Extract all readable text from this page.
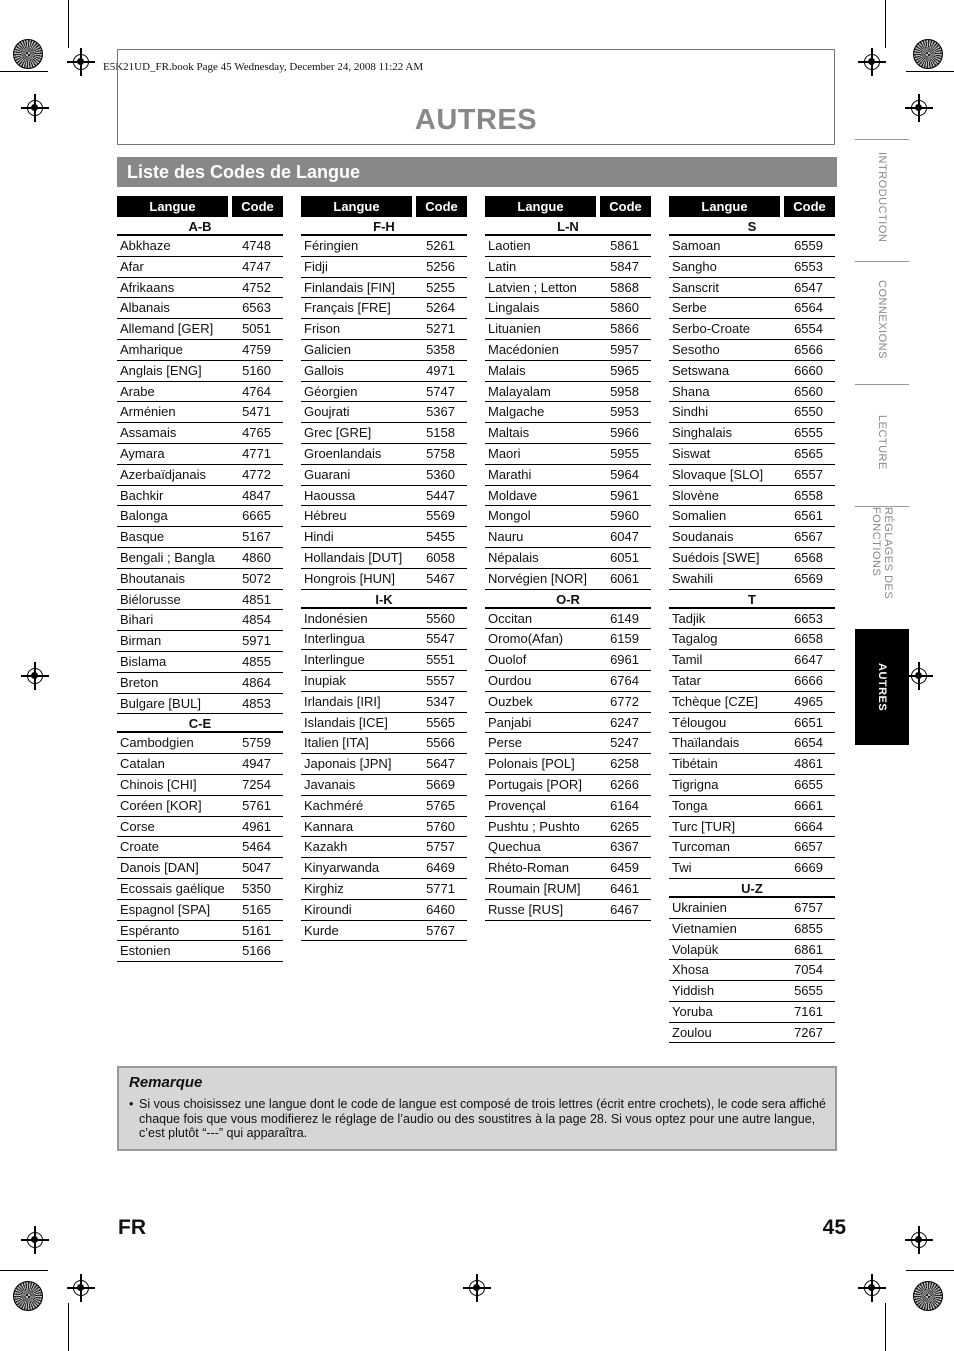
E5K21UD_FR.book Page 45 Wednesday, December 24, 2008 11:22 AM
AUTRES
Liste des Codes de Langue
Langue	Code
A-B
Abkhaze	4748
Afar	4747
Afrikaans	4752
Albanais	6563
Allemand [GER]	5051
Amharique	4759
Anglais [ENG]	5160
Arabe	4764
Arménien	5471
Assamais	4765
Aymara	4771
Azerbaïdjanais	4772
Bachkir	4847
Balonga	6665
Basque	5167
Bengali ; Bangla	4860
Bhoutanais	5072
Biélorusse	4851
Bihari	4854
Birman	5971
Bislama	4855
Breton	4864
Bulgare [BUL]	4853
C-E
Cambodgien	5759
Catalan	4947
Chinois [CHI]	7254
Coréen [KOR]	5761
Corse	4961
Croate	5464
Danois [DAN]	5047
Ecossais gaélique	5350
Espagnol [SPA]	5165
Espéranto	5161
Estonien	5166
Langue	Code
F-H
Féringien	5261
Fidji	5256
Finlandais [FIN]	5255
Français [FRE]	5264
Frison	5271
Galicien	5358
Gallois	4971
Géorgien	5747
Goujrati	5367
Grec [GRE]	5158
Groenlandais	5758
Guarani	5360
Haoussa	5447
Hébreu	5569
Hindi	5455
Hollandais [DUT]	6058
Hongrois [HUN]	5467
I-K
Indonésien	5560
Interlingua	5547
Interlingue	5551
Inupiak	5557
Irlandais [IRI]	5347
Islandais [ICE]	5565
Italien [ITA]	5566
Japonais [JPN]	5647
Javanais	5669
Kachméré	5765
Kannara	5760
Kazakh	5757
Kinyarwanda	6469
Kirghiz	5771
Kiroundi	6460
Kurde	5767
Langue	Code
L-N
Laotien	5861
Latin	5847
Latvien ; Letton	5868
Lingalais	5860
Lituanien	5866
Macédonien	5957
Malais	5965
Malayalam	5958
Malgache	5953
Maltais	5966
Maori	5955
Marathi	5964
Moldave	5961
Mongol	5960
Nauru	6047
Népalais	6051
Norvégien [NOR]	6061
O-R
Occitan	6149
Oromo(Afan)	6159
Ouolof	6961
Ourdou	6764
Ouzbek	6772
Panjabi	6247
Perse	5247
Polonais [POL]	6258
Portugais [POR]	6266
Provençal	6164
Pushtu ; Pushto	6265
Quechua	6367
Rhéto-Roman	6459
Roumain [RUM]	6461
Russe [RUS]	6467
Langue	Code
S
Samoan	6559
Sangho	6553
Sanscrit	6547
Serbe	6564
Serbo-Croate	6554
Sesotho	6566
Setswana	6660
Shana	6560
Sindhi	6550
Singhalais	6555
Siswat	6565
Slovaque [SLO]	6557
Slovène	6558
Somalien	6561
Soudanais	6567
Suédois [SWE]	6568
Swahili	6569
T
Tadjik	6653
Tagalog	6658
Tamil	6647
Tatar	6666
Tchèque [CZE]	4965
Télougou	6651
Thaïlandais	6654
Tibétain	4861
Tigrigna	6655
Tonga	6661
Turc [TUR]	6664
Turcoman	6657
Twi	6669
U-Z
Ukrainien	6757
Vietnamien	6855
Volapük	6861
Xhosa	7054
Yiddish	5655
Yoruba	7161
Zoulou	7267
INTRODUCTION
CONNEXIONS
LECTURE
RÉGLAGES DES FONCTIONS
AUTRES
Remarque
• Si vous choisissez une langue dont le code de langue est composé de trois lettres (écrit entre crochets), le code sera affiché chaque fois que vous modifierez le réglage de l’audio ou des soustitres à la page 28. Si vous optez pour une autre langue, c’est plutôt “---” qui apparaîtra.
FR	45
